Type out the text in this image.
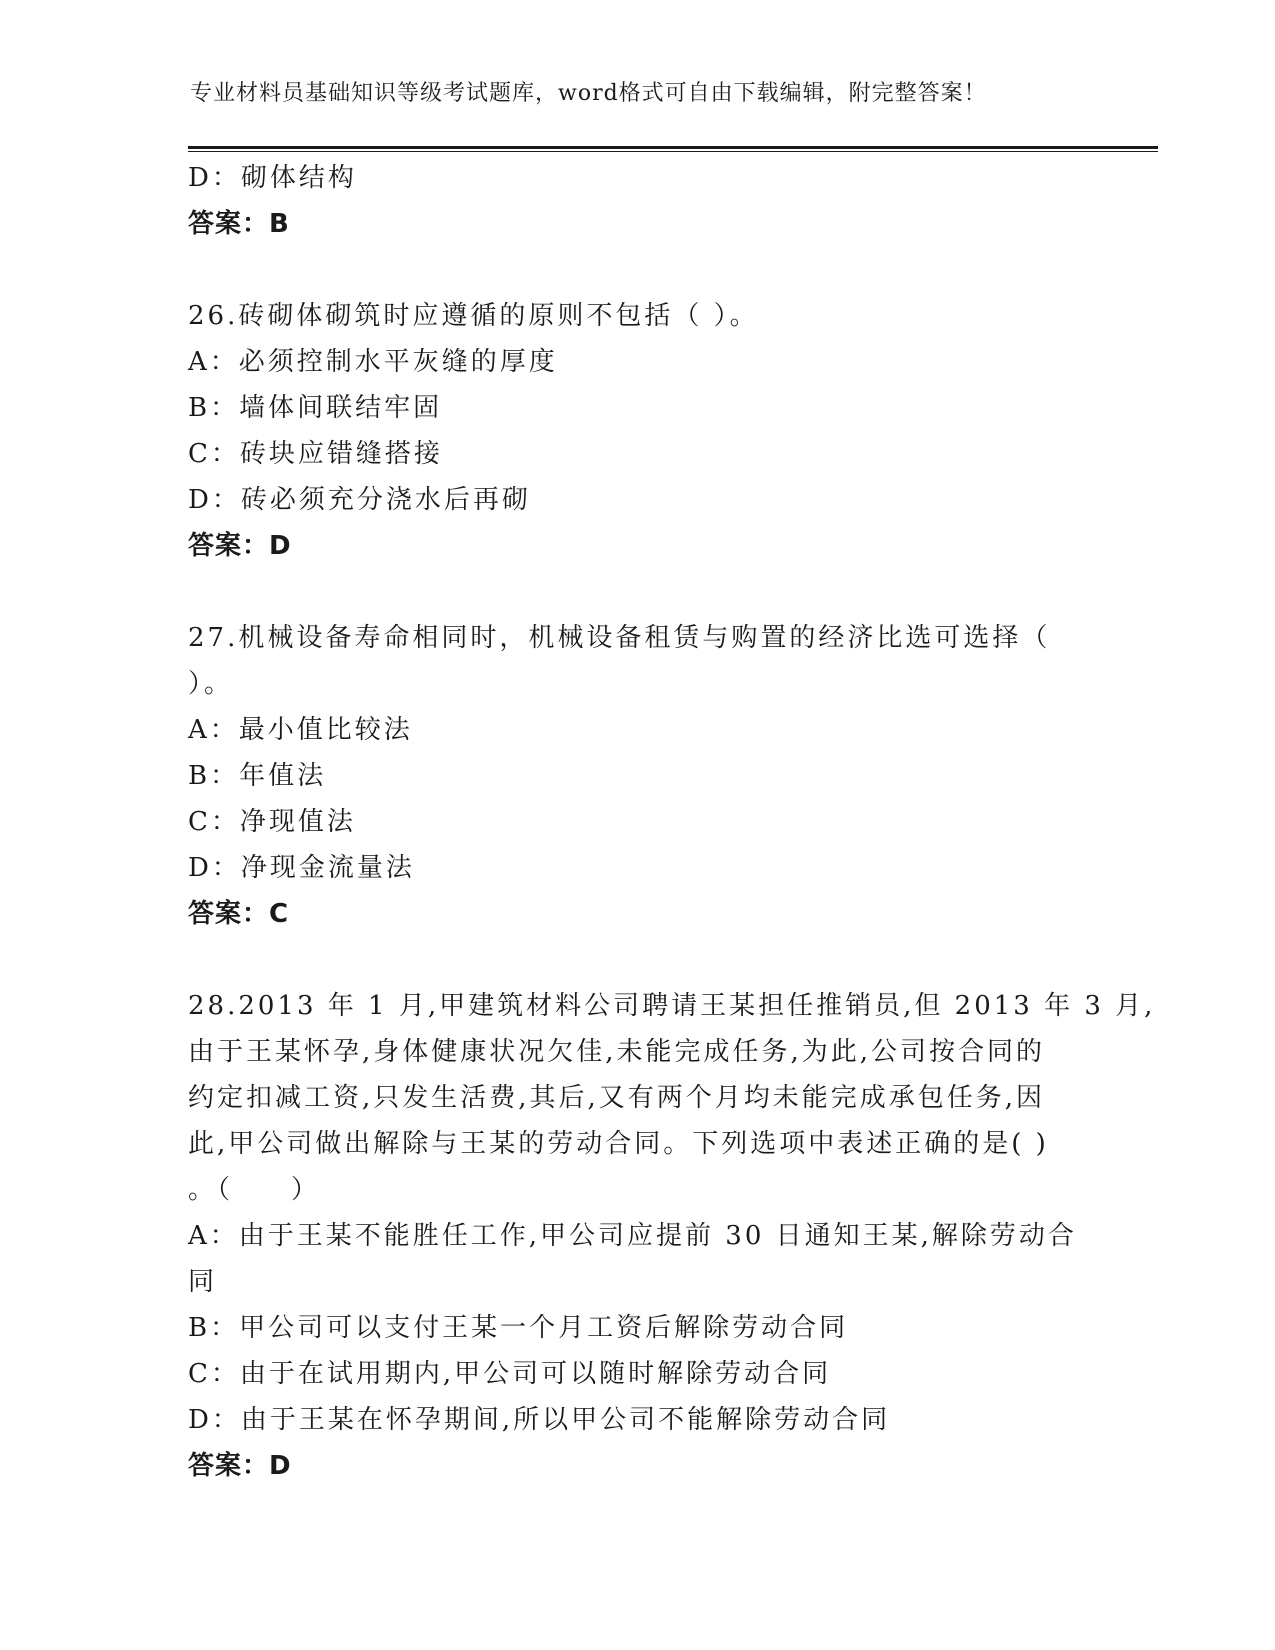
专业材料员基础知识等级考试题库，word格式可自由下载编辑，附完整答案！

D：砌体结构

答案：B

26.砖砌体砌筑时应遵循的原则不包括（ ）。

A：必须控制水平灰缝的厚度

B：墙体间联结牢固

C：砖块应错缝搭接

D：砖必须充分浇水后再砌

答案：D

27.机械设备寿命相同时，机械设备租赁与购置的经济比选可选择（

）。

A：最小值比较法

B：年值法

C：净现值法

D：净现金流量法

答案：C

28.2013 年 1 月,甲建筑材料公司聘请王某担任推销员,但 2013 年 3 月,

由于王某怀孕,身体健康状况欠佳,未能完成任务,为此,公司按合同的

约定扣减工资,只发生活费,其后,又有两个月均未能完成承包任务,因

此,甲公司做出解除与王某的劳动合同。下列选项中表述正确的是( )

。（　　）

A：由于王某不能胜任工作,甲公司应提前 30 日通知王某,解除劳动合

同

B：甲公司可以支付王某一个月工资后解除劳动合同

C：由于在试用期内,甲公司可以随时解除劳动合同

D：由于王某在怀孕期间,所以甲公司不能解除劳动合同

答案：D
